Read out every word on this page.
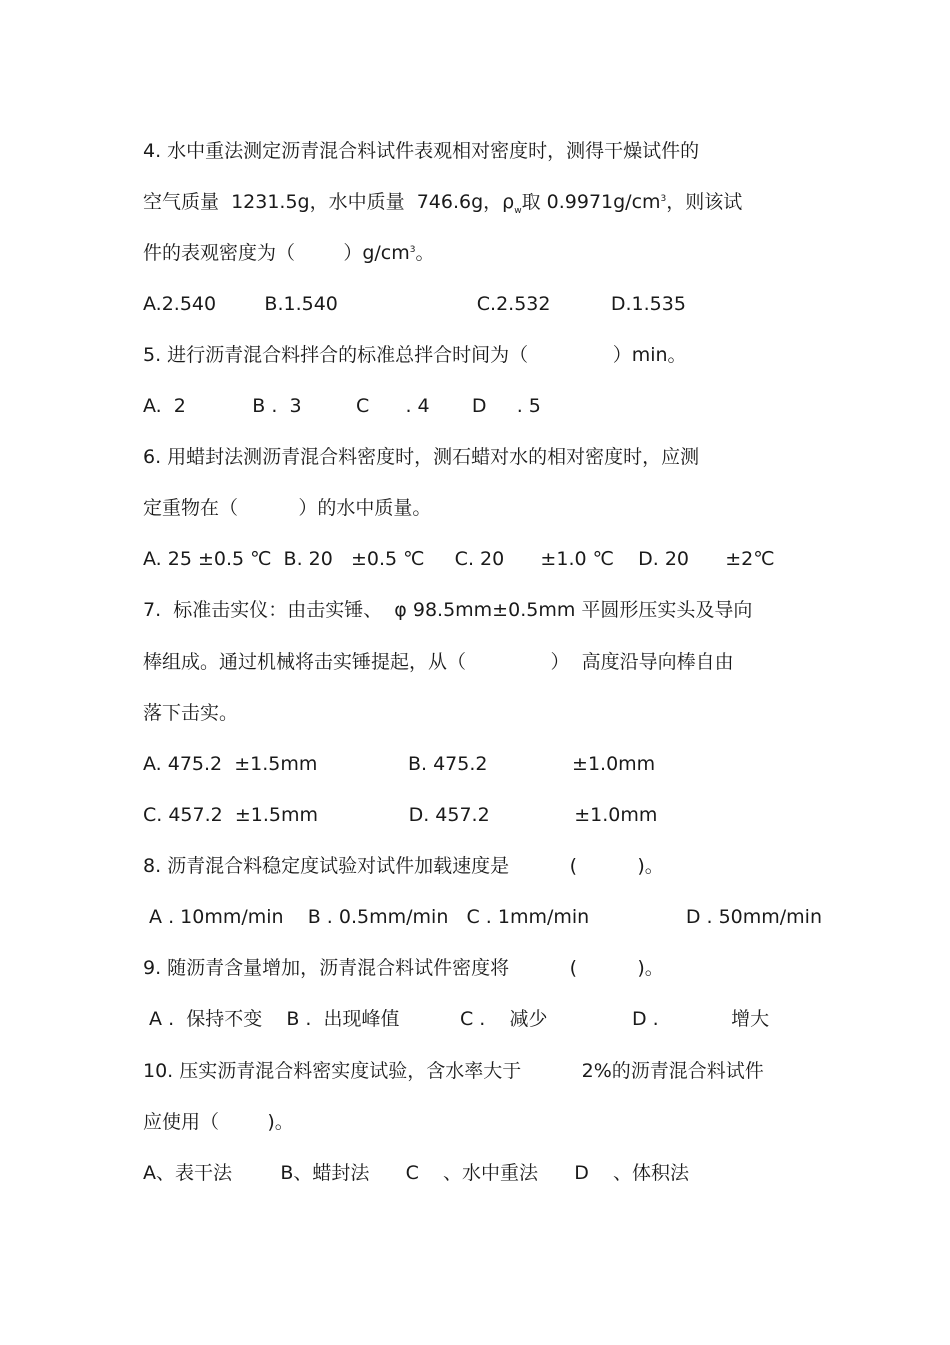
4. 水中重法测定沥青混合料试件表观相对密度时，测得干燥试件的
空气质量  1231.5g，水中质量  746.6g，$\rho_w$取 $0.9971g/cm^3$，则该试
件的表观密度为（        ）$g/cm^3$。
A.2.540        B.1.540                       C.2.532          D.1.535
5. 进行沥青混合料拌合的标准总拌合时间为（              ）min。
A.  2           B .  3         C      . 4       D     . 5
6. 用蜡封法测沥青混合料密度时，测石蜡对水的相对密度时，应测
定重物在（          ）的水中质量。
A. 25 ±0.5 ℃  B. 20   ±0.5 ℃     C. 20      ±1.0 ℃    D. 20      ±2℃
7.  标准击实仪：由击实锤、  φ 98.5mm±0.5mm 平圆形压实头及导向
棒组成。通过机械将击实锤提起，从（              ）  高度沿导向棒自由
落下击实。
A. 475.2  ±1.5mm               B. 475.2              ±1.0mm
C. 457.2  ±1.5mm               D. 457.2              ±1.0mm
8. 沥青混合料稳定度试验对试件加载速度是          (          )。
A . 10mm/min    B . 0.5mm/min   C . 1mm/min                D . 50mm/min
9. 随沥青含量增加，沥青混合料试件密度将          (          )。
A .  保持不变    B .  出现峰值          C .    减少              D .            增大
10. 压实沥青混合料密实度试验，含水率大于          2%的沥青混合料试件
应使用（        )。
A、表干法        B、蜡封法      C    、水中重法      D    、体积法
